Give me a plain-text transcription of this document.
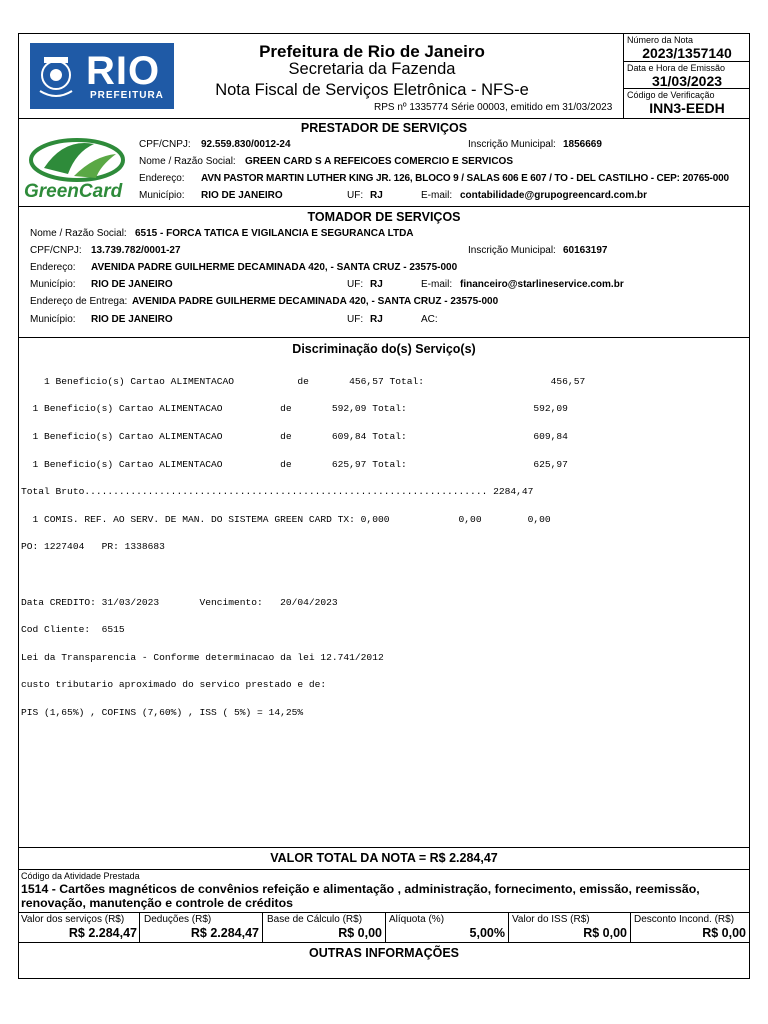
RIO
PREFEITURA
Prefeitura de Rio de Janeiro
Secretaria da Fazenda
Nota Fiscal de Serviços Eletrônica - NFS-e
RPS nº 1335774 Série 00003, emitido em 31/03/2023
Número da Nota
2023/1357140
Data e Hora de Emissão
31/03/2023
Código de Verificação
INN3-EEDH
PRESTADOR DE SERVIÇOS
GreenCard
CPF/CNPJ: 92.559.830/0012-24	Inscrição Municipal: 1856669
Nome / Razão Social: GREEN CARD S A REFEICOES COMERCIO E SERVICOS
Endereço: AVN PASTOR MARTIN LUTHER KING JR. 126, BLOCO 9 / SALAS 606 E 607 / TO - DEL CASTILHO - CEP: 20765-000
Município: RIO DE JANEIRO	UF: RJ	E-mail: contabilidade@grupogreencard.com.br
TOMADOR DE SERVIÇOS
Nome / Razão Social: 6515 - FORCA TATICA E VIGILANCIA E SEGURANCA LTDA
CPF/CNPJ: 13.739.782/0001-27	Inscrição Municipal: 60163197
Endereço: AVENIDA PADRE GUILHERME DECAMINADA 420, - SANTA CRUZ - 23575-000
Município: RIO DE JANEIRO	UF: RJ	E-mail: financeiro@starlineservice.com.br
Endereço de Entrega: AVENIDA PADRE GUILHERME DECAMINADA 420, - SANTA CRUZ - 23575-000
Município: RIO DE JANEIRO	UF: RJ	AC:
Discriminação do(s) Serviço(s)

1 Beneficio(s) Cartao ALIMENTACAO           de       456,57 Total:                      456,57

1 Beneficio(s) Cartao ALIMENTACAO          de       592,09 Total:                      592,09

1 Beneficio(s) Cartao ALIMENTACAO          de       609,84 Total:                      609,84

1 Beneficio(s) Cartao ALIMENTACAO          de       625,97 Total:                      625,97

Total Bruto...................................................................... 2284,47

1 COMIS. REF. AO SERV. DE MAN. DO SISTEMA GREEN CARD TX: 0,000            0,00        0,00

PO: 1227404   PR: 1338683

Data CREDITO: 31/03/2023       Vencimento:   20/04/2023

Cod Cliente:  6515

Lei da Transparencia - Conforme determinacao da lei 12.741/2012

custo tributario aproximado do servico prestado e de:

PIS (1,65%) , COFINS (7,60%) , ISS ( 5%) = 14,25%

VALOR TOTAL DA NOTA = R$ 2.284,47
Código da Atividade Prestada
1514 - Cartões magnéticos de convênios refeição e alimentação , administração, fornecimento, emissão, reemissão, renovação, manutenção e controle de créditos
Valor dos serviços (R$)
R$ 2.284,47
Deduções (R$)
R$ 2.284,47
Base de Cálculo (R$)
R$ 0,00
Alíquota (%)
5,00%
Valor do ISS (R$)
R$ 0,00
Desconto Incond. (R$)
R$ 0,00
OUTRAS INFORMAÇÕES
